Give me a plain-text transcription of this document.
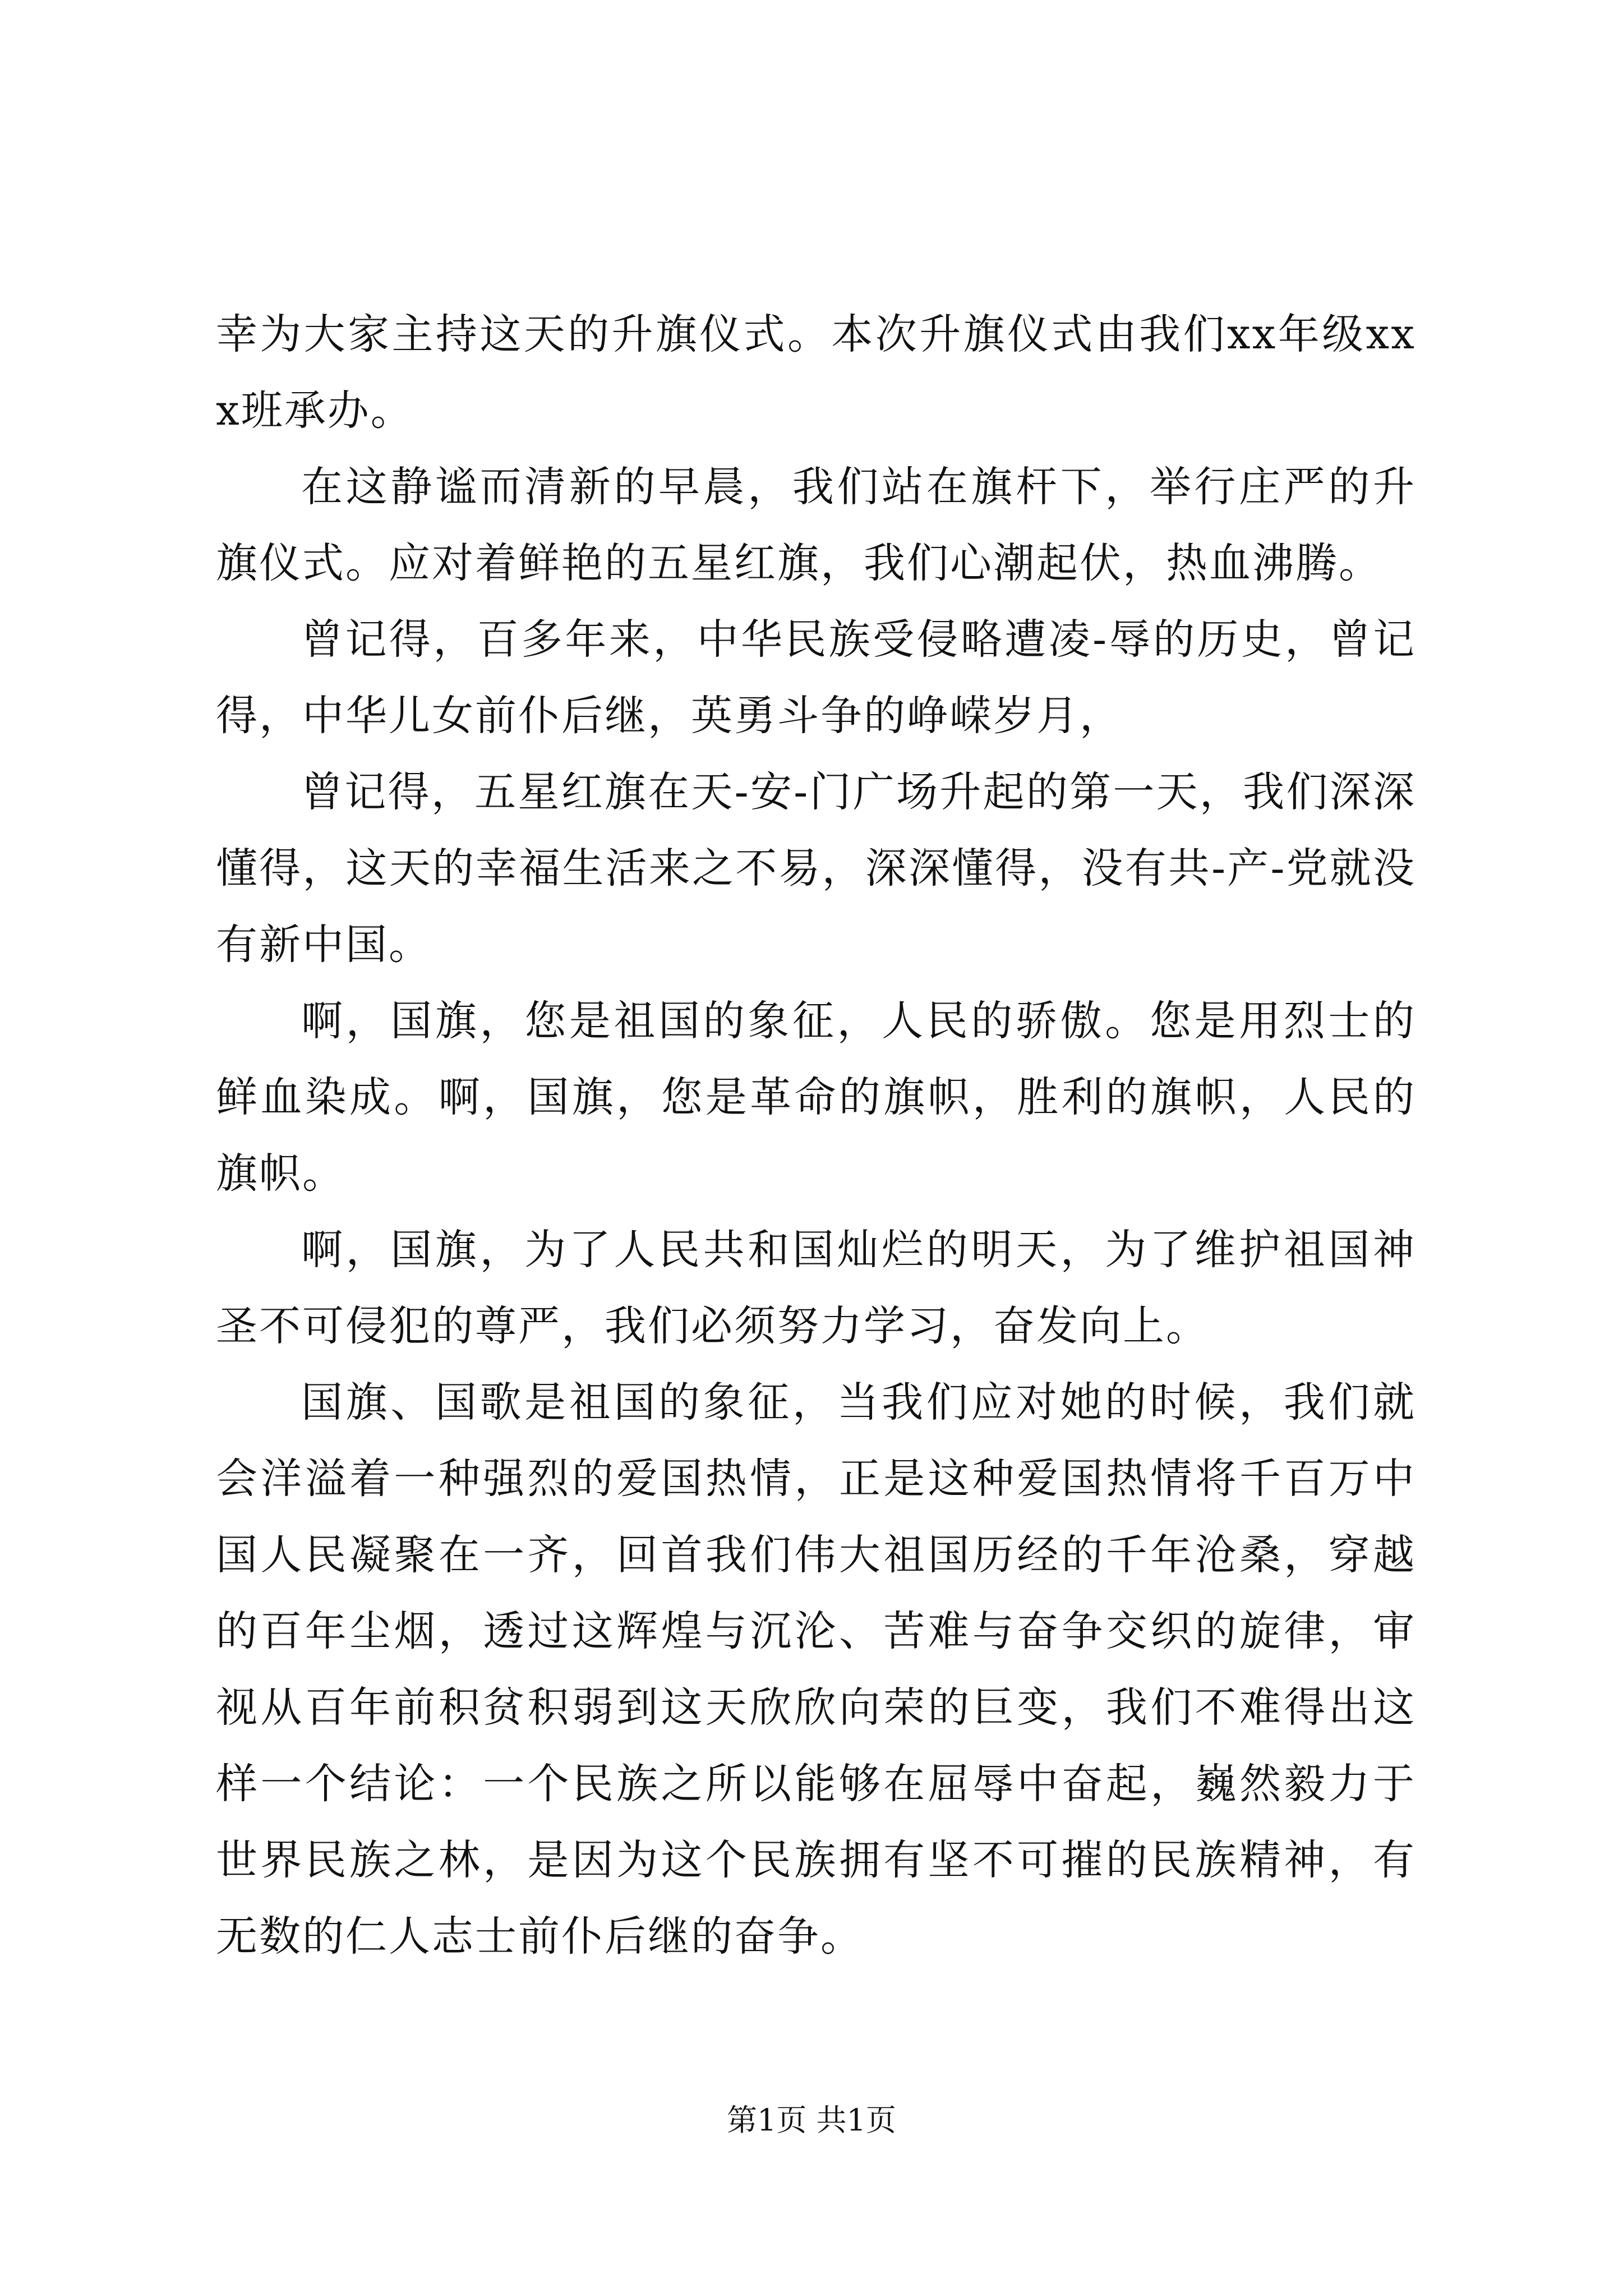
幸为大家主持这天的升旗仪式。本次升旗仪式由我们xx年级xxx班承办。

在这静谧而清新的早晨，我们站在旗杆下，举行庄严的升旗仪式。应对着鲜艳的五星红旗，我们心潮起伏，热血沸腾。

曾记得，百多年来，中华民族受侵略遭凌-辱的历史，曾记得，中华儿女前仆后继，英勇斗争的峥嵘岁月，

曾记得，五星红旗在天-安-门广场升起的第一天，我们深深懂得，这天的幸福生活来之不易，深深懂得，没有共-产-党就没有新中国。

啊，国旗，您是祖国的象征，人民的骄傲。您是用烈士的鲜血染成。啊，国旗，您是革命的旗帜，胜利的旗帜，人民的旗帜。

啊，国旗，为了人民共和国灿烂的明天，为了维护祖国神圣不可侵犯的尊严，我们必须努力学习，奋发向上。

国旗、国歌是祖国的象征，当我们应对她的时候，我们就会洋溢着一种强烈的爱国热情，正是这种爱国热情将千百万中国人民凝聚在一齐，回首我们伟大祖国历经的千年沧桑，穿越的百年尘烟，透过这辉煌与沉沦、苦难与奋争交织的旋律，审视从百年前积贫积弱到这天欣欣向荣的巨变，我们不难得出这样一个结论：一个民族之所以能够在屈辱中奋起，巍然毅力于世界民族之林，是因为这个民族拥有坚不可摧的民族精神，有无数的仁人志士前仆后继的奋争。

第1页 共1页
